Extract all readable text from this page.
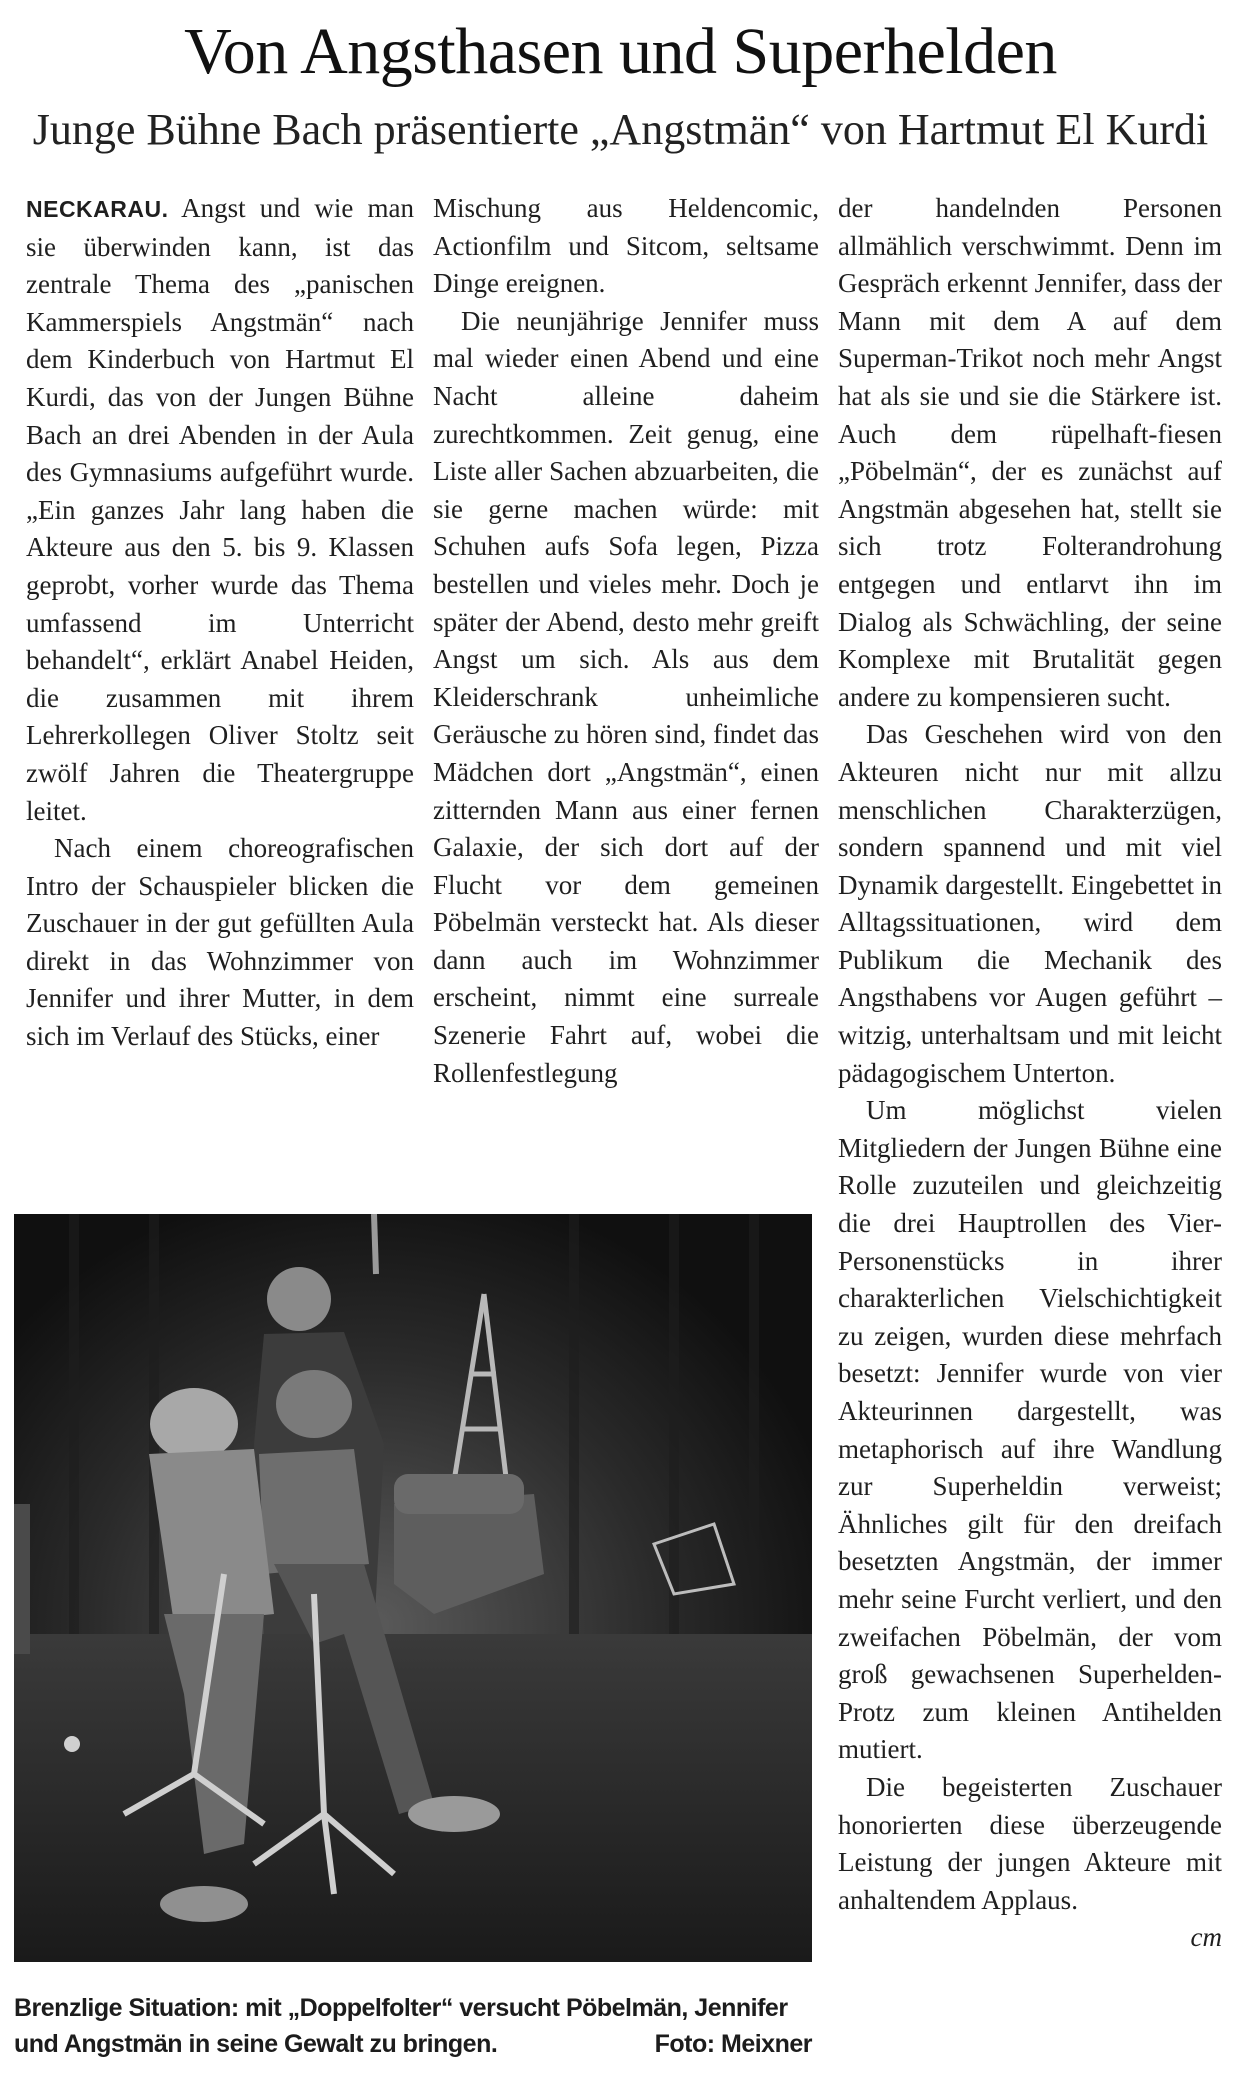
Von Angsthasen und Superhelden
Junge Bühne Bach präsentierte „Angstmän“ von Hartmut El Kurdi

NECKARAU. Angst und wie man sie überwinden kann, ist das zentrale Thema des „panischen Kammerspiels Angstmän“ nach dem Kinderbuch von Hartmut El Kurdi, das von der Jungen Bühne Bach an drei Abenden in der Aula des Gymnasiums aufgeführt wurde. „Ein ganzes Jahr lang haben die Akteure aus den 5. bis 9. Klassen geprobt, vorher wurde das Thema umfassend im Unterricht behandelt“, erklärt Anabel Heiden, die zusammen mit ihrem Lehrerkollegen Oliver Stoltz seit zwölf Jahren die Theatergruppe leitet.

Nach einem choreografischen Intro der Schauspieler blicken die Zuschauer in der gut gefüllten Aula direkt in das Wohnzimmer von Jennifer und ihrer Mutter, in dem sich im Verlauf des Stücks, einer

Mischung aus Heldencomic, Actionfilm und Sitcom, seltsame Dinge ereignen.

Die neunjährige Jennifer muss mal wieder einen Abend und eine Nacht alleine daheim zurechtkommen. Zeit genug, eine Liste aller Sachen abzuarbeiten, die sie gerne machen würde: mit Schuhen aufs Sofa legen, Pizza bestellen und vieles mehr. Doch je später der Abend, desto mehr greift Angst um sich. Als aus dem Kleiderschrank unheimliche Geräusche zu hören sind, findet das Mädchen dort „Angstmän“, einen zitternden Mann aus einer fernen Galaxie, der sich dort auf der Flucht vor dem gemeinen Pöbelmän versteckt hat. Als dieser dann auch im Wohnzimmer erscheint, nimmt eine surreale Szenerie Fahrt auf, wobei die Rollenfestlegung

der handelnden Personen allmählich verschwimmt. Denn im Gespräch erkennt Jennifer, dass der Mann mit dem A auf dem Superman-Trikot noch mehr Angst hat als sie und sie die Stärkere ist. Auch dem rüpelhaft-fiesen „Pöbelmän“, der es zunächst auf Angstmän abgesehen hat, stellt sie sich trotz Folterandrohung entgegen und entlarvt ihn im Dialog als Schwächling, der seine Komplexe mit Brutalität gegen andere zu kompensieren sucht.

Das Geschehen wird von den Akteuren nicht nur mit allzu menschlichen Charakterzügen, sondern spannend und mit viel Dynamik dargestellt. Eingebettet in Alltagssituationen, wird dem Publikum die Mechanik des Angsthabens vor Augen geführt – witzig, unterhaltsam und mit leicht pädagogischem Unterton.

Um möglichst vielen Mitgliedern der Jungen Bühne eine Rolle zuzuteilen und gleichzeitig die drei Hauptrollen des Vier-Personenstücks in ihrer charakterlichen Vielschichtigkeit zu zeigen, wurden diese mehrfach besetzt: Jennifer wurde von vier Akteurinnen dargestellt, was metaphorisch auf ihre Wandlung zur Superheldin verweist; Ähnliches gilt für den dreifach besetzten Angstmän, der immer mehr seine Furcht verliert, und den zweifachen Pöbelmän, der vom groß gewachsenen Superhelden-Protz zum kleinen Antihelden mutiert.

Die begeisterten Zuschauer honorierten diese überzeugende Leistung der jungen Akteure mit anhaltendem Applaus.
cm

Brenzlige Situation: mit „Doppelfolter“ versucht Pöbelmän, Jennifer und Angstmän in seine Gewalt zu bringen.	Foto: Meixner
